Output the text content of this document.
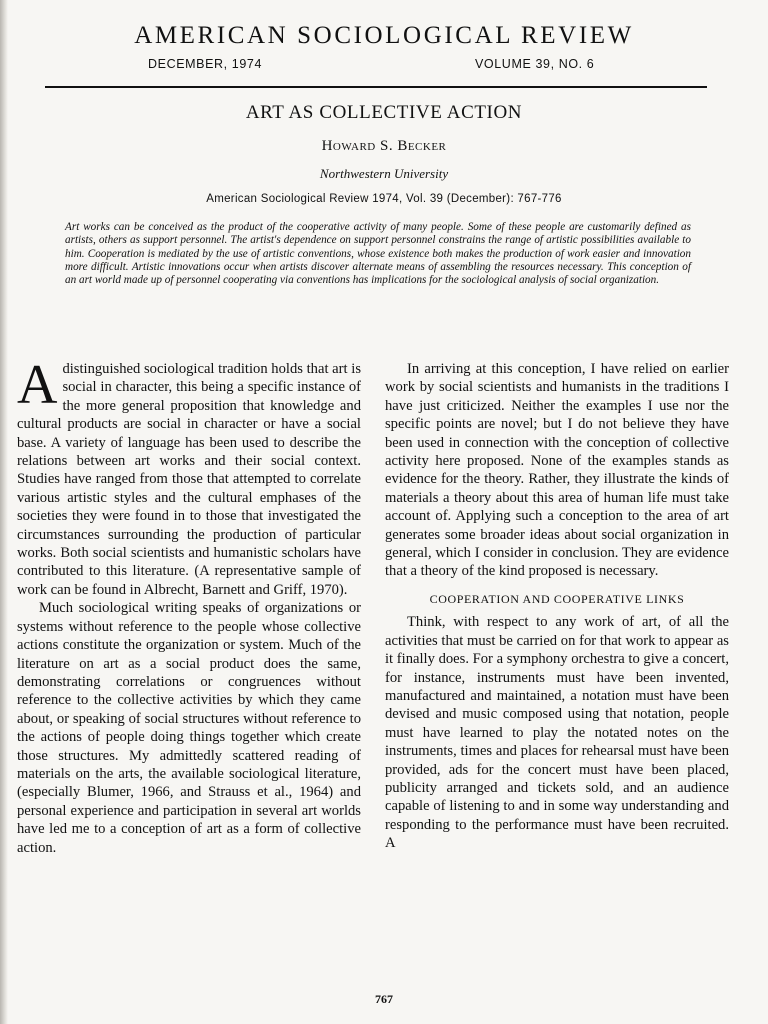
AMERICAN SOCIOLOGICAL REVIEW
DECEMBER, 1974	VOLUME 39, NO. 6
ART AS COLLECTIVE ACTION
Howard S. Becker
Northwestern University
American Sociological Review 1974, Vol. 39 (December): 767-776

Art works can be conceived as the product of the cooperative activity of many people. Some of these people are customarily defined as artists, others as support personnel. The artist's dependence on support personnel constrains the range of artistic possibilities available to him. Cooperation is mediated by the use of artistic conventions, whose existence both makes the production of work easier and innovation more difficult. Artistic innovations occur when artists discover alternate means of assembling the resources necessary. This conception of an art world made up of personnel cooperating via conventions has implications for the sociological analysis of social organization.

Adistinguished sociological tradition holds that art is social in character, this being a specific instance of the more general proposition that knowledge and cultural products are social in character or have a social base. A variety of language has been used to describe the relations between art works and their social context. Studies have ranged from those that attempted to correlate various artistic styles and the cultural emphases of the societies they were found in to those that investigated the circumstances surrounding the production of particular works. Both social scientists and humanistic scholars have contributed to this literature. (A representative sample of work can be found in Albrecht, Barnett and Griff, 1970).

Much sociological writing speaks of organizations or systems without reference to the people whose collective actions constitute the organization or system. Much of the literature on art as a social product does the same, demonstrating correlations or congruences without reference to the collective activities by which they came about, or speaking of social structures without reference to the actions of people doing things together which create those structures. My admittedly scattered reading of materials on the arts, the available sociological literature, (especially Blumer, 1966, and Strauss et al., 1964) and personal experience and participation in several art worlds have led me to a conception of art as a form of collective action.

In arriving at this conception, I have relied on earlier work by social scientists and humanists in the traditions I have just criticized. Neither the examples I use nor the specific points are novel; but I do not believe they have been used in connection with the conception of collective activity here proposed. None of the examples stands as evidence for the theory. Rather, they illustrate the kinds of materials a theory about this area of human life must take account of. Applying such a conception to the area of art generates some broader ideas about social organization in general, which I consider in conclusion. They are evidence that a theory of the kind proposed is necessary.

COOPERATION AND COOPERATIVE LINKS

Think, with respect to any work of art, of all the activities that must be carried on for that work to appear as it finally does. For a symphony orchestra to give a concert, for instance, instruments must have been invented, manufactured and maintained, a notation must have been devised and music composed using that notation, people must have learned to play the notated notes on the instruments, times and places for rehearsal must have been provided, ads for the concert must have been placed, publicity arranged and tickets sold, and an audience capable of listening to and in some way understanding and responding to the performance must have been recruited. A

767
